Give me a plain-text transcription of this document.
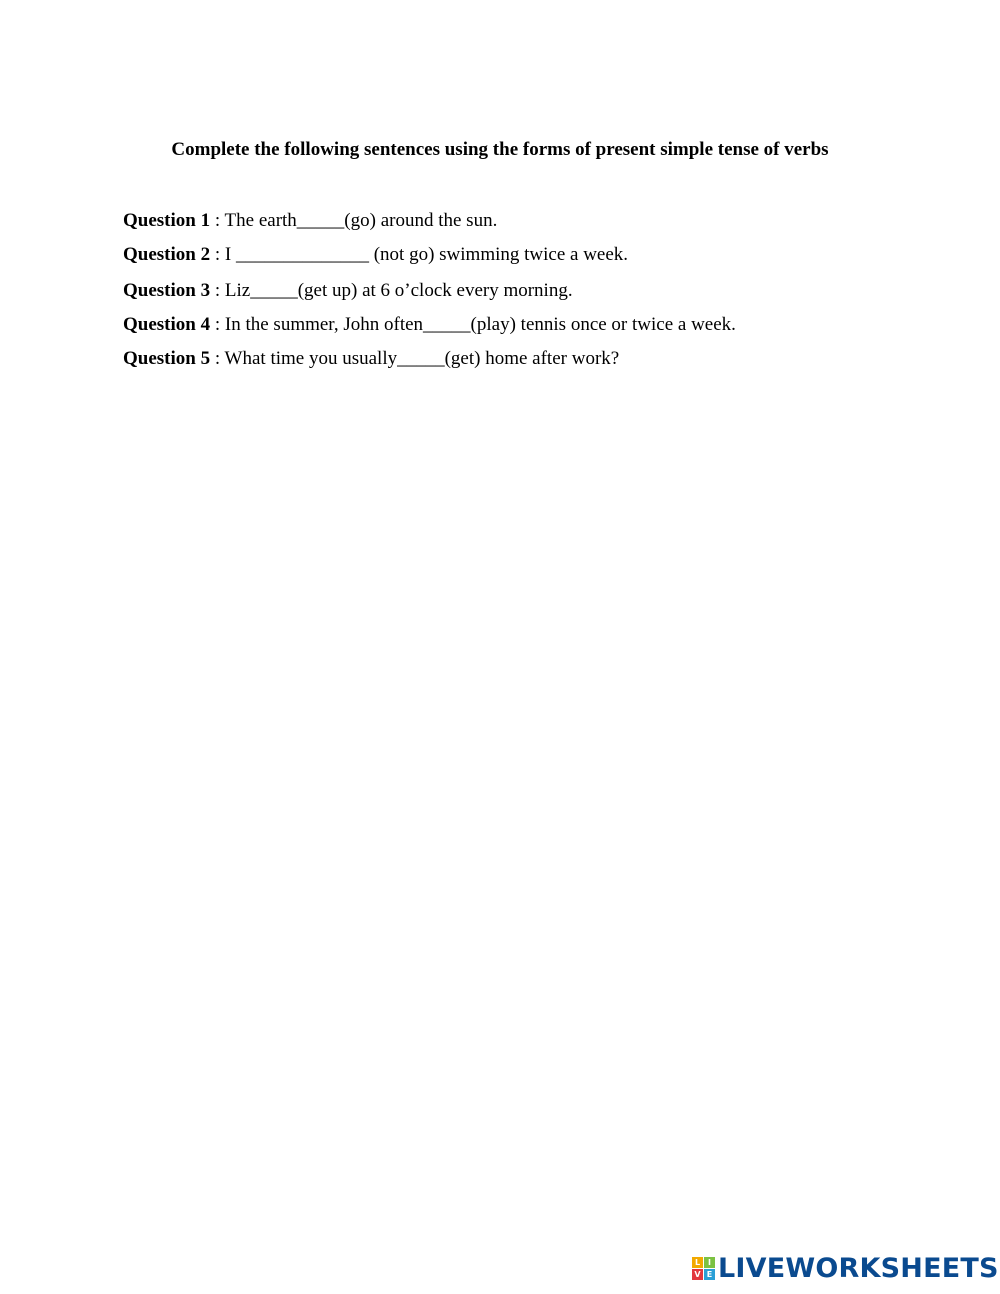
Complete the following sentences using the forms of present simple tense of verbs
Question 1 : The earth_____(go) around the sun.
Question 2 : I ______________ (not go) swimming twice a week.
Question 3 : Liz_____(get up) at 6 o’clock every morning.
Question 4 : In the summer, John often_____(play) tennis once or twice a week.
Question 5 : What time you usually_____(get) home after work?
L I
V E LIVEWORKSHEETS
